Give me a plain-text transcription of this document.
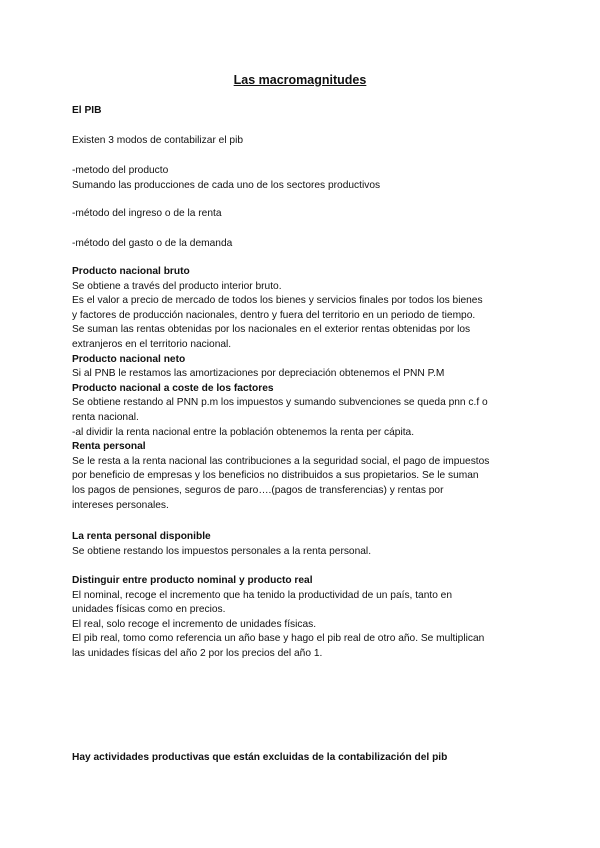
Las macromagnitudes

El PIB

Existen 3 modos de contabilizar el pib

-metodo del producto

Sumando las producciones de cada uno de los sectores productivos

-método del ingreso o de la renta

-método del gasto o de la demanda

Producto nacional bruto

Se obtiene a través del producto interior bruto.

Es el valor a precio de mercado de todos los bienes y servicios finales por todos los bienes

y factores de producción nacionales, dentro y fuera del territorio en un periodo de tiempo.

Se suman las rentas obtenidas por los nacionales en el exterior rentas obtenidas por los

extranjeros en el territorio nacional.

Producto nacional neto

Si al PNB le restamos las amortizaciones por depreciación obtenemos el PNN P.M

Producto nacional a coste de los factores

Se obtiene restando al PNN p.m los impuestos y sumando subvenciones se queda pnn c.f o

renta nacional.

-al dividir la renta nacional entre la población obtenemos la renta per cápita.

Renta personal

Se le resta a la renta nacional las contribuciones a la seguridad social, el pago de impuestos

por beneficio de empresas y los beneficios no distribuidos a sus propietarios. Se le suman

los pagos de pensiones, seguros de paro….(pagos de transferencias) y rentas por

intereses personales.

La renta personal disponible

Se obtiene restando los impuestos personales a la renta personal.

Distinguir entre producto nominal y producto real

El nominal, recoge el incremento que ha tenido la productividad de un país, tanto en

unidades físicas como en precios.

El real, solo recoge el incremento de unidades físicas.

El pib real, tomo como referencia un año base y hago el pib real de otro año. Se multiplican

las unidades físicas del año 2 por los precios del año 1.

Hay actividades productivas que están excluidas de la contabilización del pib
